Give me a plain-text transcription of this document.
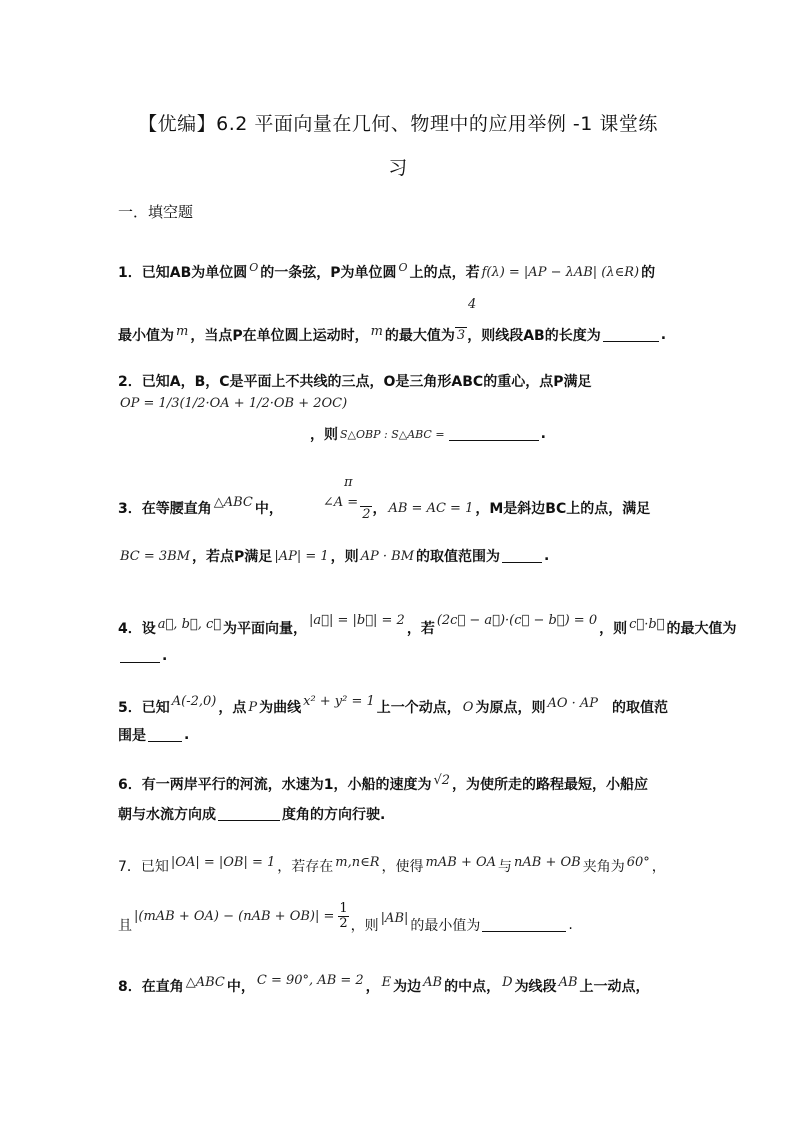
【优编】6.2 平面向量在几何、物理中的应用举例 -1 课堂练
习
一．填空题
1．已知AB为单位圆 O 的一条弦，P为单位圆 O 上的点，若 f(λ) = |AP − λAB| (λ∈R) 的
4
最小值为 m ，当点P在单位圆上运动时， m 的最大值为 3 ，则线段AB的长度为	.
2．已知A，B，C是平面上不共线的三点，O是三角形ABC的重心，点P满足
OP = 1/3(1/2·OA + 1/2·OB + 2OC)
，则 S△OBP : S△ABC =	.
π
3．在等腰直角 △ABC 中，	∠A =
2 ， AB = AC = 1 ，M是斜边BC上的点，满足
BC = 3BM ，若点P满足 |AP| = 1 ，则 AP · BM 的取值范围为	.
4．设 a⃗, b⃗, c⃗ 为平面向量，
|a⃗| = |b⃗| = 2
，若
(2c⃗ − a⃗)·(c⃗ − b⃗) = 0
，则 c⃗·b⃗ 的最大值为
.
5．已知 A(-2,0) ，点 P 为曲线 x² + y² = 1 上一个动点， O 为原点，则 AO · AP 的取值范
围是	.
6．有一两岸平行的河流，水速为1，小船的速度为 √2 ，为使所走的路程最短，小船应
朝与水流方向成	度角的方向行驶.
7．已知 |OA| = |OB| = 1 ，若存在 m,n∈R ，使得 mAB + OA 与 nAB + OB 夹角为 60° ，
且
$|(mAB + OA) - (nAB + OB)| = \frac{1}{2}$ ，则 |AB| 的最小值为	.
8．在直角 △ABC 中， C = 90°, AB = 2 ， E 为边 AB 的中点， D 为线段 AB 上一动点，
